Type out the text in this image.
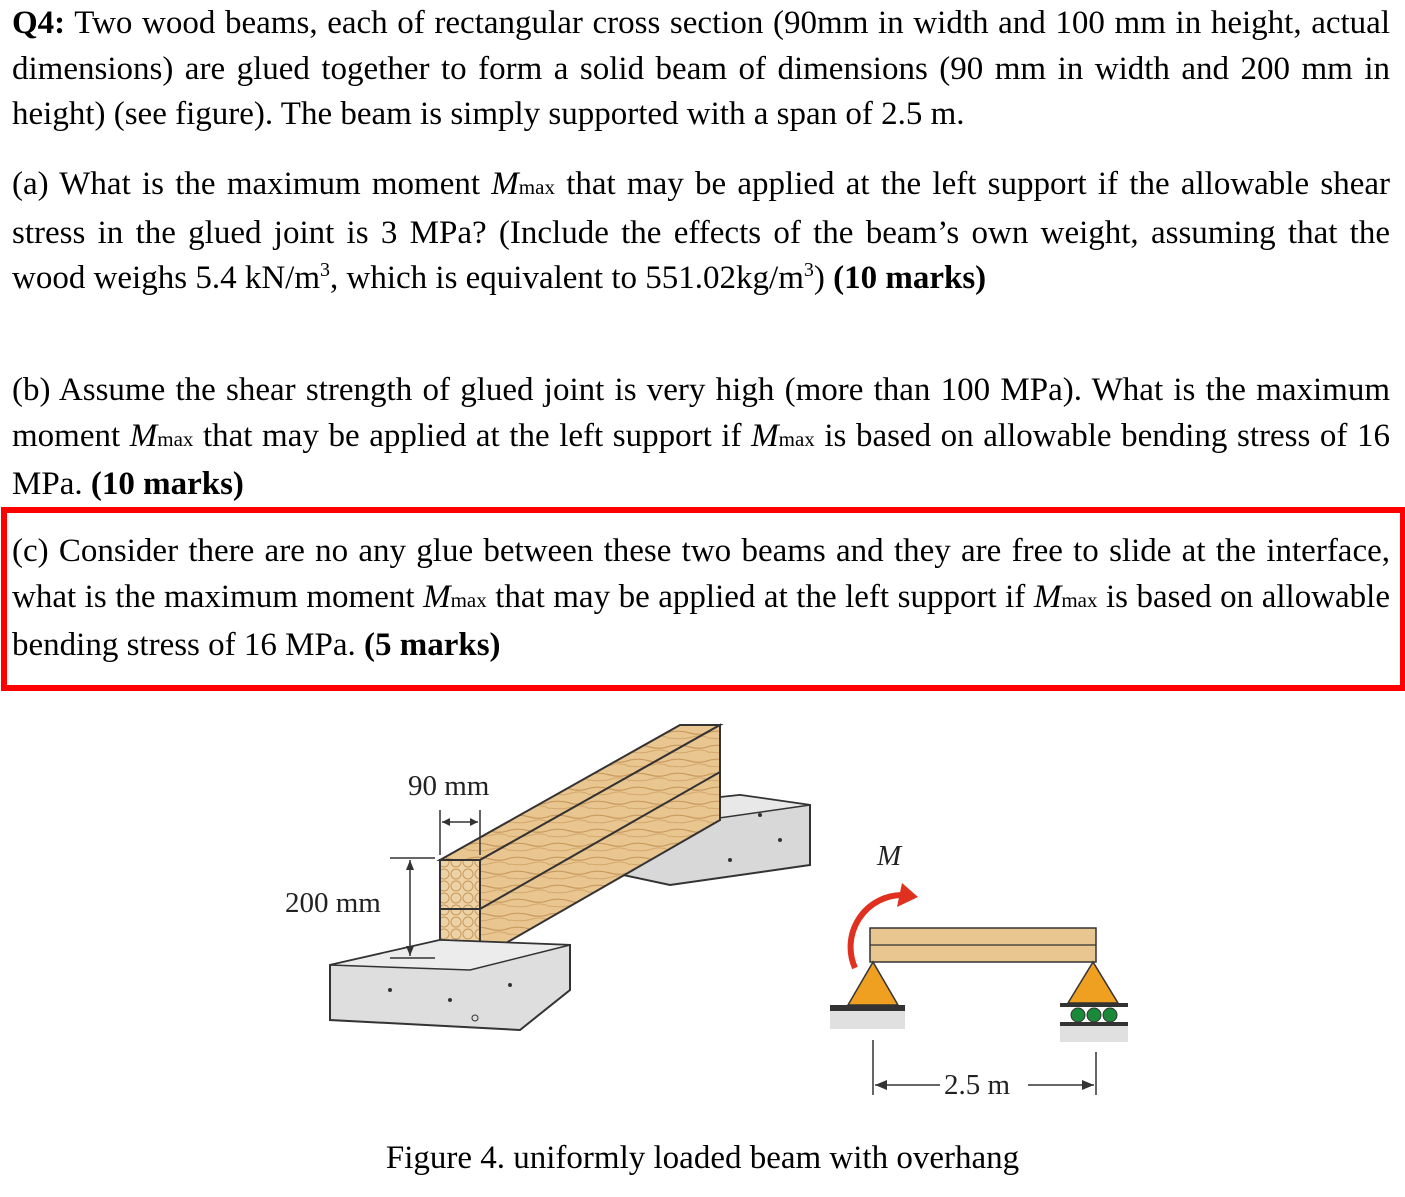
Q4: Two wood beams, each of rectangular cross section (90mm in width and 100 mm in height, actual dimensions) are glued together to form a solid beam of dimensions (90 mm in width and 200 mm in height) (see figure). The beam is simply supported with a span of 2.5 m.

(a) What is the maximum moment Mmax that may be applied at the left support if the allowable shear stress in the glued joint is 3 MPa? (Include the effects of the beam’s own weight, assuming that the wood weighs 5.4 $kN/m^3$, which is equivalent to $551.02kg/m^3$) (10 marks)

(b) Assume the shear strength of glued joint is very high (more than 100 MPa). What is the maximum moment Mmax that may be applied at the left support if Mmax is based on allowable bending stress of 16 MPa. (10 marks)

(c) Consider there are no any glue between these two beams and they are free to slide at the interface, what is the maximum moment Mmax that may be applied at the left support if Mmax is based on allowable bending stress of 16 MPa. (5 marks)

90 mm
200 mm
M
2.5 m
Figure 4. uniformly loaded beam with overhang
